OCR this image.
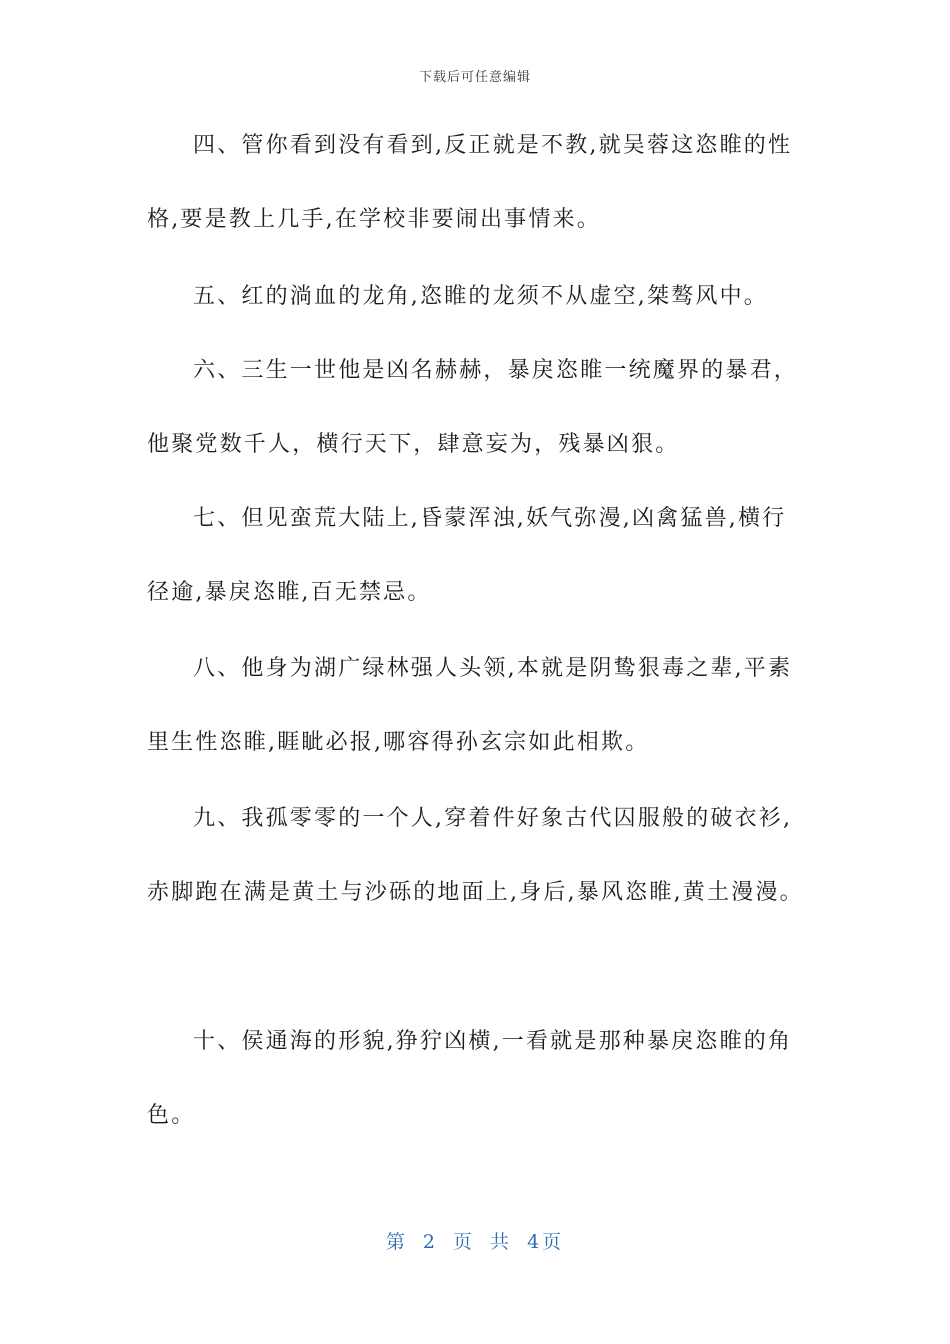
下载后可任意编辑
四、管你看到没有看到,反正就是不教,就吴蓉这恣睢的性
格,要是教上几手,在学校非要闹出事情来。
五、红的淌血的龙角,恣睢的龙须不从虚空,桀骜风中。
六、三生一世他是凶名赫赫，暴戾恣睢一统魔界的暴君，
他聚党数千人，横行天下，肆意妄为，残暴凶狠。
七、但见蛮荒大陆上,昏蒙浑浊,妖气弥漫,凶禽猛兽,横行
径逾,暴戾恣睢,百无禁忌。
八、他身为湖广绿林强人头领,本就是阴鸷狠毒之辈,平素
里生性恣睢,睚眦必报,哪容得孙玄宗如此相欺。
九、我孤零零的一个人,穿着件好象古代囚服般的破衣衫,
赤脚跑在满是黄土与沙砾的地面上,身后,暴风恣睢,黄土漫漫。
十、侯通海的形貌,狰狞凶横,一看就是那种暴戾恣睢的角
色。
第 2 页 共 4页
